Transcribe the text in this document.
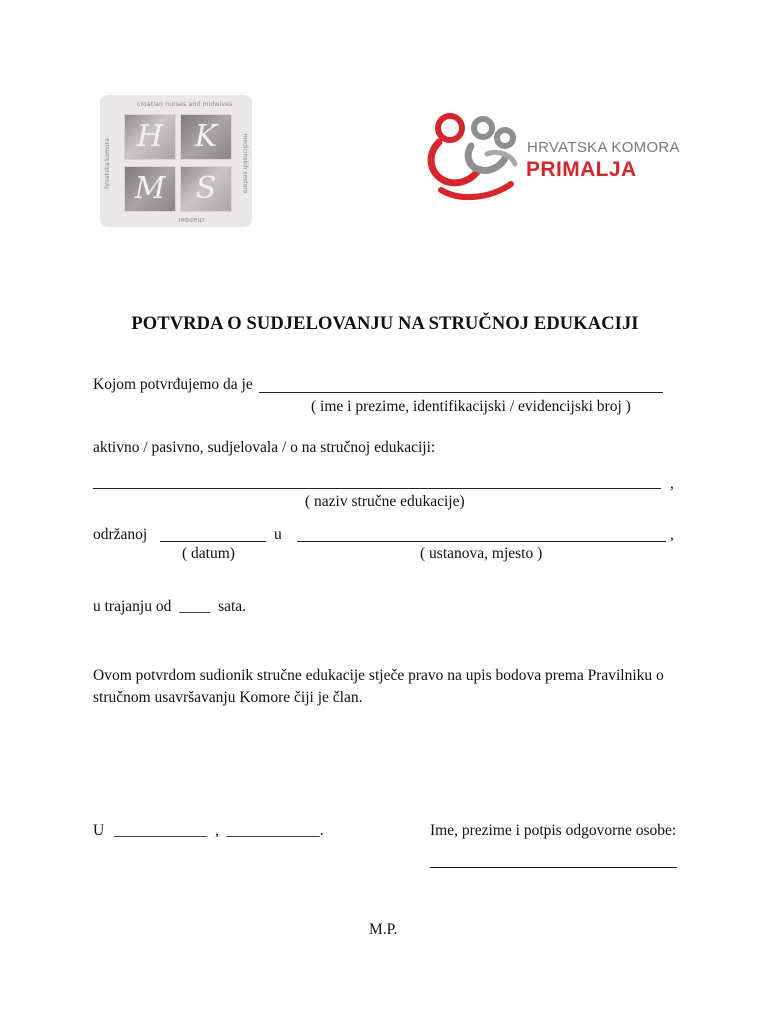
croatian nurses and midwives
hrvatska komora	medicinskih sestara
chamber
H	K
M	S
HRVATSKA KOMORA
PRIMALJA
POTVRDA O SUDJELOVANJU NA STRUČNOJ EDUKACIJI
Kojom potvrđujemo da je
( ime i prezime, identifikacijski / evidencijski broj )
aktivno / pasivno, sudjelovala / o na stručnoj edukaciji:
,
( naziv stručne edukacije)
održanoj	u	,
( datum)	( ustanova, mjesto )
u trajanju od ____ sata.
Ovom potvrdom sudionik stručne edukacije stječe pravo na upis bodova prema Pravilniku o
stručnom usavršavanju Komore čiji je član.
U ____________ , ____________.	Ime, prezime i potpis odgovorne osobe:
M.P.
